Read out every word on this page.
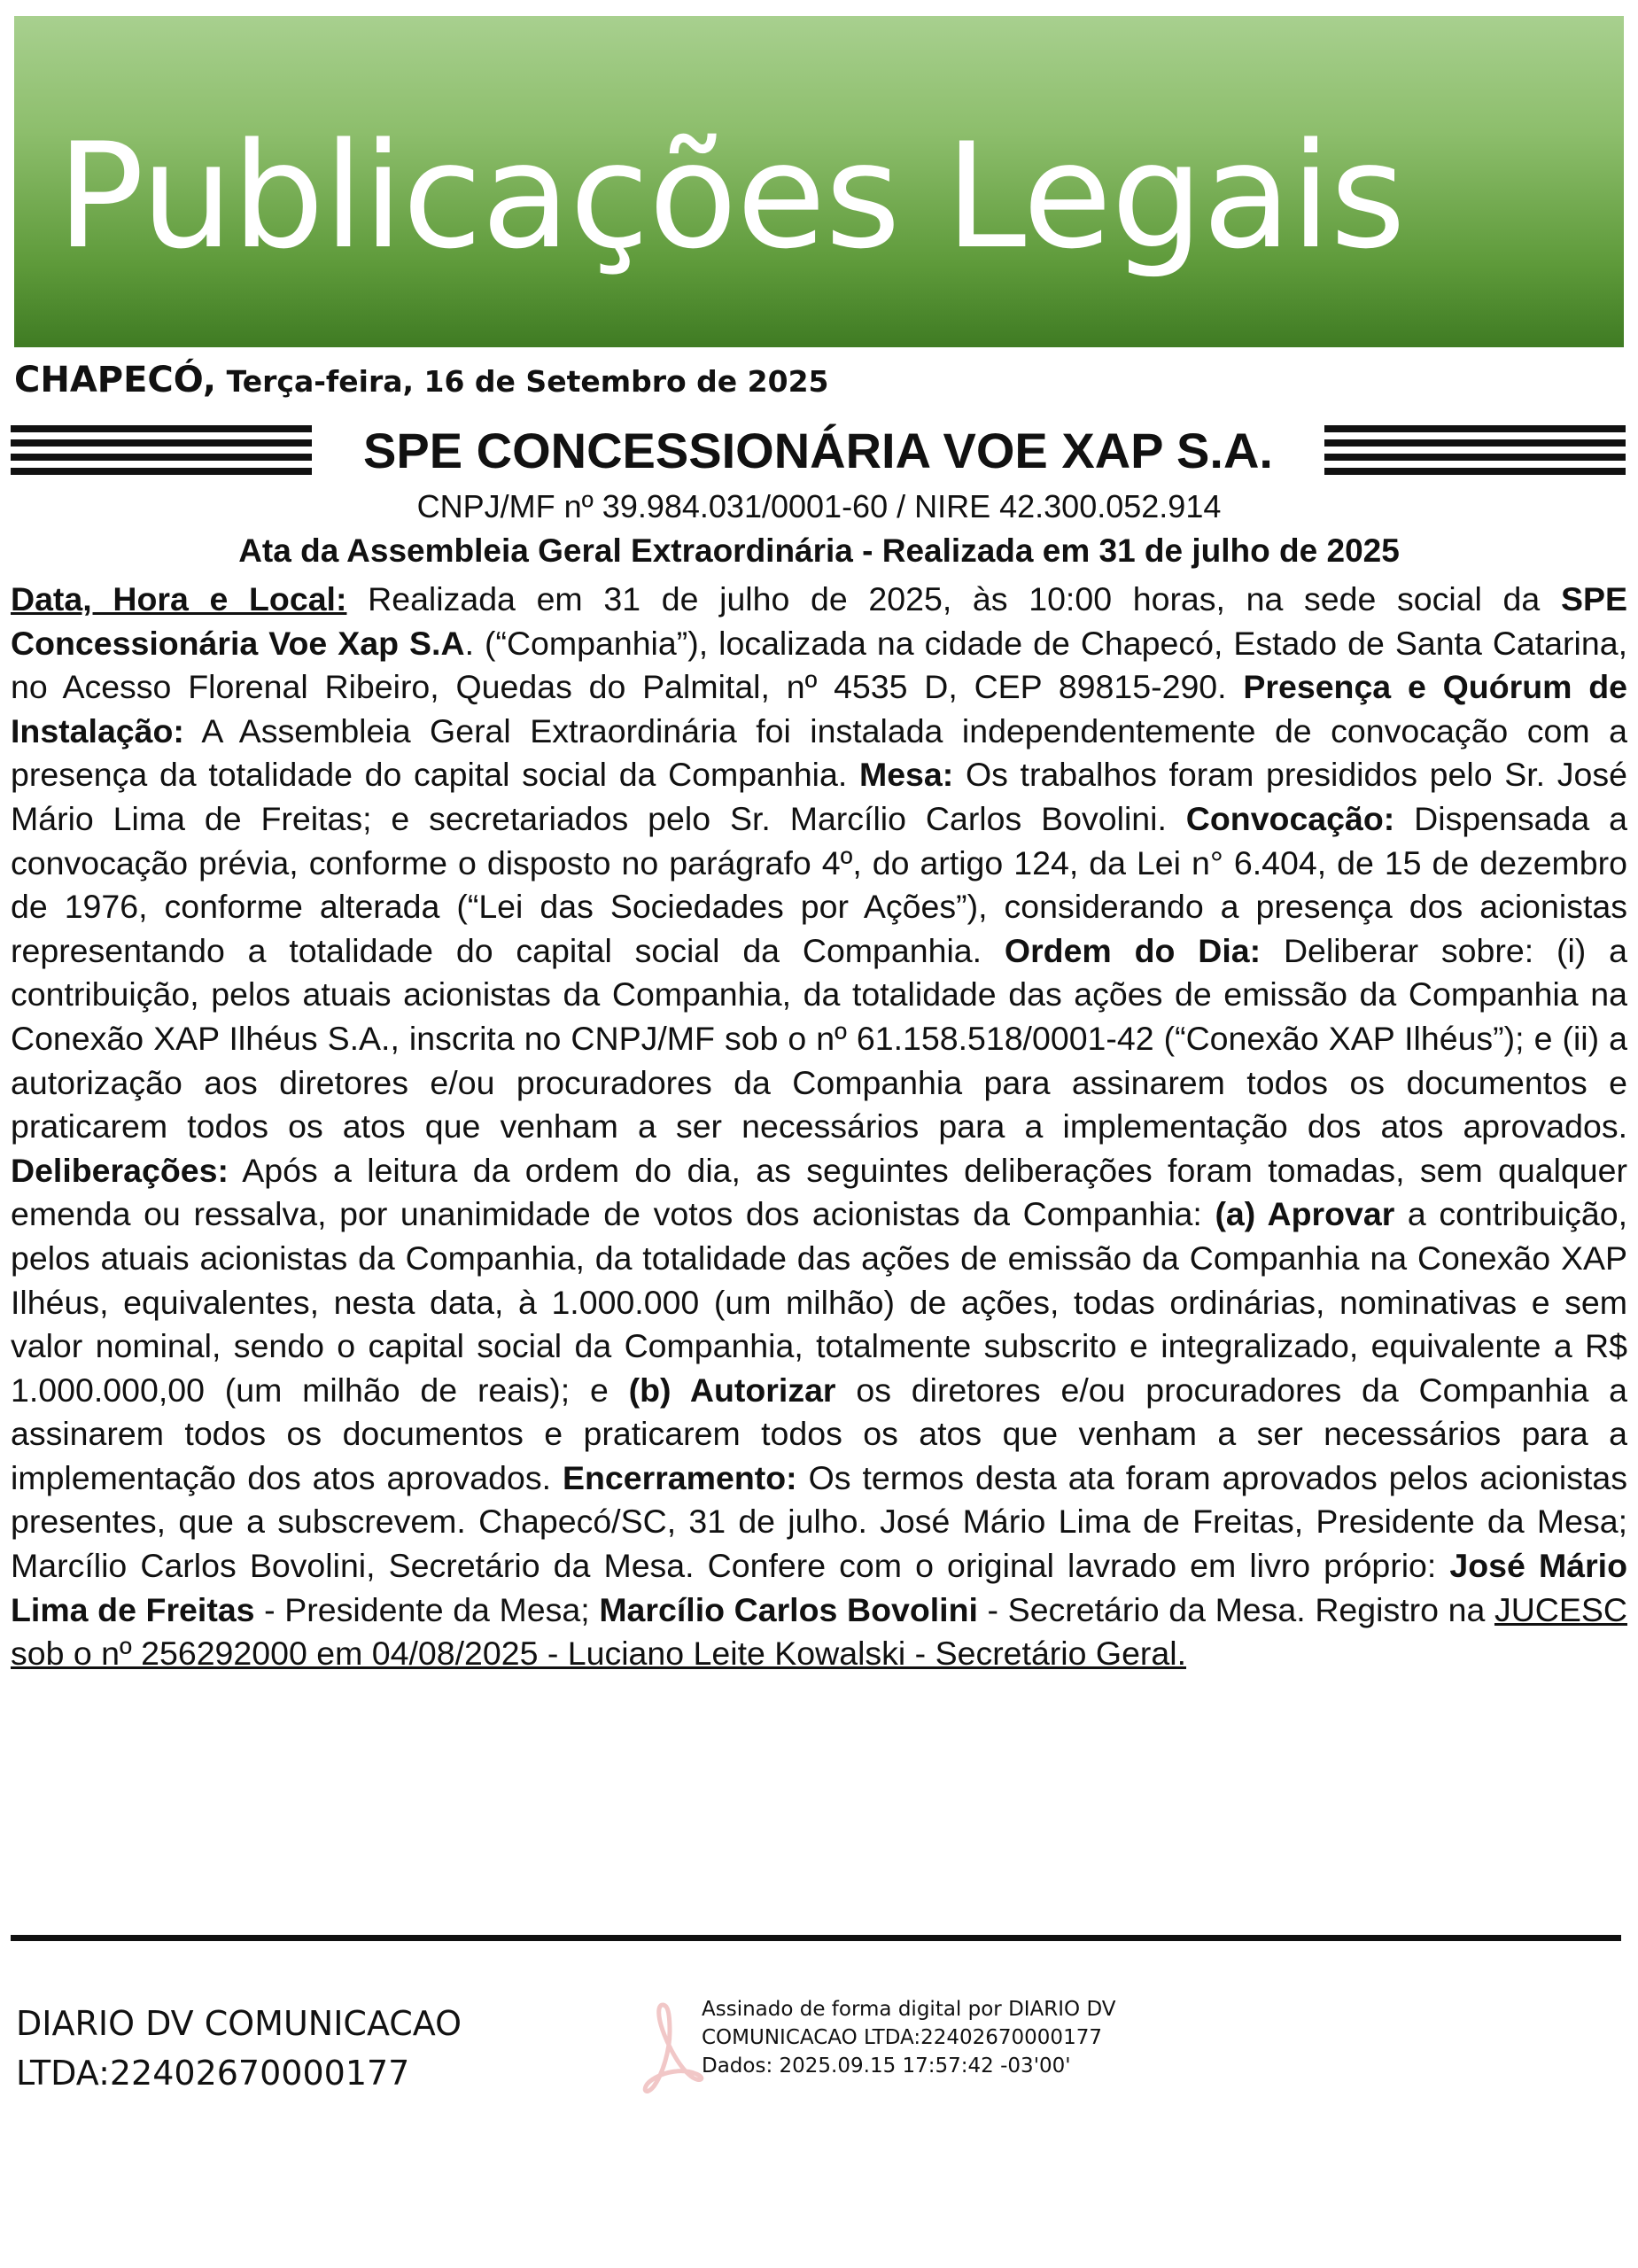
Publicações Legais
CHAPECÓ, Terça-feira, 16 de Setembro de 2025
SPE CONCESSIONÁRIA VOE XAP S.A.
CNPJ/MF nº 39.984.031/0001-60 / NIRE 42.300.052.914
Ata da Assembleia Geral Extraordinária - Realizada em 31 de julho de 2025

Data, Hora e Local: Realizada em 31 de julho de 2025, às 10:00 horas, na sede social da SPE Concessionária Voe Xap S.A. (“Companhia”), localizada na cidade de Chapecó, Estado de Santa Catarina, no Acesso Florenal Ribeiro, Quedas do Palmital, nº 4535 D, CEP 89815-290. Presença e Quórum de Instalação: A Assembleia Geral Extraordinária foi instalada independentemente de convocação com a presença da totalidade do capital social da Companhia. Mesa: Os trabalhos foram presididos pelo Sr. José Mário Lima de Freitas; e secretariados pelo Sr. Marcílio Carlos Bovolini. Convocação: Dispensada a convocação prévia, conforme o disposto no parágrafo 4º, do artigo 124, da Lei n° 6.404, de 15 de dezembro de 1976, conforme alterada (“Lei das Sociedades por Ações”), considerando a presença dos acionistas representando a totalidade do capital social da Companhia. Ordem do Dia: Deliberar sobre: (i) a contribuição, pelos atuais acionistas da Companhia, da totalidade das ações de emissão da Companhia na Conexão XAP Ilhéus S.A., inscrita no CNPJ/MF sob o nº 61.158.518/0001-42 (“Conexão XAP Ilhéus”); e (ii) a autorização aos diretores e/ou procuradores da Companhia para assinarem todos os documentos e praticarem todos os atos que venham a ser necessários para a implementação dos atos aprovados. Deliberações: Após a leitura da ordem do dia, as seguintes deliberações foram tomadas, sem qualquer emenda ou ressalva, por unanimidade de votos dos acionistas da Companhia: (a) Aprovar a contribuição, pelos atuais acionistas da Companhia, da totalidade das ações de emissão da Companhia na Conexão XAP Ilhéus, equivalentes, nesta data, à 1.000.000 (um milhão) de ações, todas ordinárias, nominativas e sem valor nominal, sendo o capital social da Companhia, totalmente subscrito e integralizado, equivalente a R$ 1.000.000,00 (um milhão de reais); e (b) Autorizar os diretores e/ou procuradores da Companhia a assinarem todos os documentos e praticarem todos os atos que venham a ser necessários para a implementação dos atos aprovados. Encerramento: Os termos desta ata foram aprovados pelos acionistas presentes, que a subscrevem. Chapecó/SC, 31 de julho. José Mário Lima de Freitas, Presidente da Mesa; Marcílio Carlos Bovolini, Secretário da Mesa. Confere com o original lavrado em livro próprio: José Mário Lima de Freitas - Presidente da Mesa; Marcílio Carlos Bovolini - Secretário da Mesa. Registro na JUCESC sob o nº 256292000 em 04/08/2025 - Luciano Leite Kowalski - Secretário Geral.

DIARIO DV COMUNICACAO
LTDA:22402670000177
Assinado de forma digital por DIARIO DV
COMUNICACAO LTDA:22402670000177
Dados: 2025.09.15 17:57:42 -03'00'
